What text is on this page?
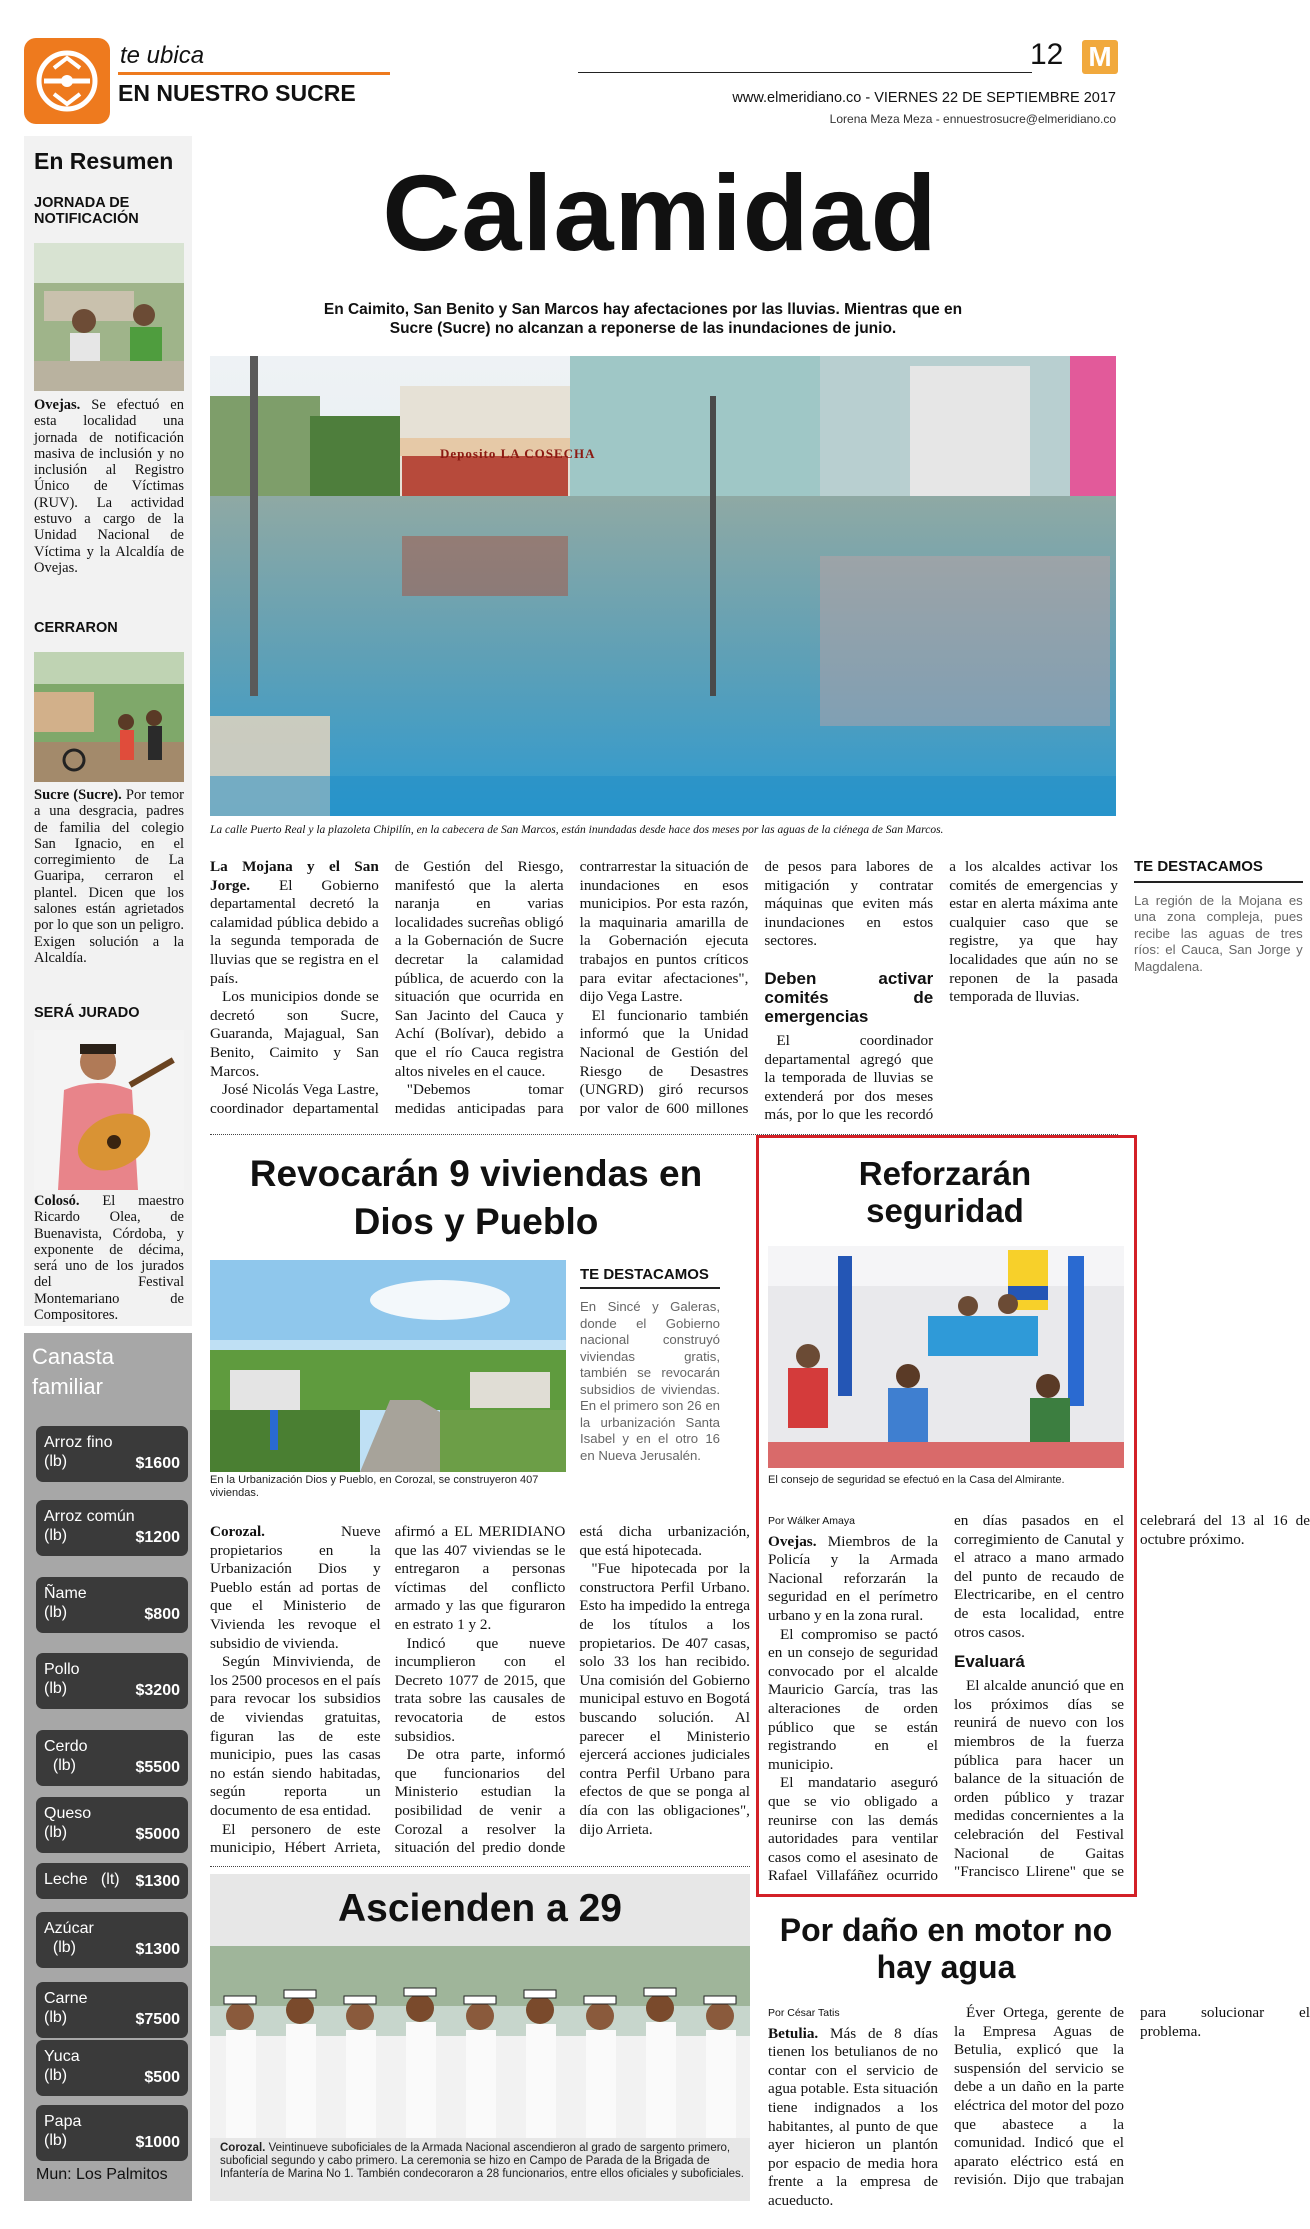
te ubica
EN NUESTRO SUCRE
12 M
www.elmeridiano.co - VIERNES 22 DE SEPTIEMBRE 2017
Lorena Meza Meza - ennuestrosucre@elmeridiano.co
En Resumen
JORNADA DE NOTIFICACIÓN
Ovejas. Se efectuó en esta localidad una jornada de notificación masiva de inclusión y no inclusión al Registro Único de Víctimas (RUV). La actividad estuvo a cargo de la Unidad Nacional de Víctima y la Alcaldía de Ovejas.
CERRARON
Sucre (Sucre). Por temor a una desgracia, padres de familia del colegio San Ignacio, en el corregimiento de La Guaripa, cerraron el plantel. Dicen que los salones están agrietados por lo que son un peligro. Exigen solución a la Alcaldía.
SERÁ JURADO
Colosó. El maestro Ricardo Olea, de Buenavista, Córdoba, y exponente de décima, será uno de los jurados del Festival Montemariano de Compositores.
Canasta familiar
Arroz fino
(lb)	$1600
Arroz común
(lb)	$1200
Ñame
(lb)	$800
Pollo
(lb)	$3200
Cerdo
(lb)	$5500
Queso
(lb)	$5000
Leche   (lt) $1300
Azúcar
(lb)	$1300
Carne
(lb)	$7500
Yuca
(lb)	$500
Papa
(lb)	$1000
Mun: Los Palmitos
Calamidad
En Caimito, San Benito y San Marcos hay afectaciones por las lluvias. Mientras que en Sucre (Sucre) no alcanzan a reponerse de las inundaciones de junio.
Deposito LA COSECHA
La calle Puerto Real y la plazoleta Chipilín, en la cabecera de San Marcos, están inundadas desde hace dos meses por las aguas de la ciénega de San Marcos.

La Mojana y el San Jorge. El Gobierno departamental decretó la calamidad pública debido a la segunda temporada de lluvias que se registra en el país.

Los municipios donde se decretó son Sucre, Guaranda, Majagual, San Benito, Caimito y San Marcos.

José Nicolás Vega Lastre, coordinador departamental de Gestión del Riesgo, manifestó que la alerta naranja en varias localidades sucreñas obligó a la Gobernación de Sucre decretar la calamidad pública, de acuerdo con la situación que ocurrida en San Jacinto del Cauca y Achí (Bolívar), debido a que el río Cauca registra altos niveles en el cauce.

"Debemos tomar medidas anticipadas para contrarrestar la situación de inundaciones en esos municipios. Por esta razón, la maquinaria amarilla de la Gobernación ejecuta trabajos en puntos críticos para evitar afectaciones", dijo Vega Lastre.

El funcionario también informó que la Unidad Nacional de Gestión del Riesgo de Desastres (UNGRD) giró recursos por valor de 600 millones de pesos para labores de mitigación y contratar máquinas que eviten más inundaciones en estos sectores.

Deben activar comités de emergencias

El coordinador departamental agregó que la temporada de lluvias se extenderá por dos meses más, por lo que les recordó a los alcaldes activar los comités de emergencias y estar en alerta máxima ante cualquier caso que se registre, ya que hay localidades que aún no se reponen de la pasada temporada de lluvias.

TE DESTACAMOS
La región de la Mojana es una zona compleja, pues recibe las aguas de tres ríos: el Cauca, San Jorge y Magdalena.
Revocarán 9 viviendas en Dios y Pueblo
En la Urbanización Dios y Pueblo, en Corozal, se construyeron 407 viviendas.
TE DESTACAMOS
En Sincé y Galeras, donde el Gobierno nacional construyó viviendas gratis, también se revocarán subsidios de viviendas. En el primero son 26 en la urbanización Santa Isabel y en el otro 16 en Nueva Jerusalén.

Corozal. Nueve propietarios en la Urbanización Dios y Pueblo están ad portas de que el Ministerio de Vivienda les revoque el subsidio de vivienda.

Según Minvivienda, de los 2500 procesos en el país para revocar los subsidios de viviendas gratuitas, figuran las de este municipio, pues las casas no están siendo habitadas, según reporta un documento de esa entidad.

El personero de este municipio, Hébert Arrieta, afirmó a EL MERIDIANO que las 407 viviendas se le entregaron a personas víctimas del conflicto armado y las que figuraron en estrato 1 y 2.

Indicó que nueve incumplieron con el Decreto 1077 de 2015, que trata sobre las causales de revocatoria de estos subsidios.

De otra parte, informó que funcionarios del Ministerio estudian la posibilidad de venir a Corozal a resolver la situación del predio donde está dicha urbanización, que está hipotecada.

"Fue hipotecada por la constructora Perfil Urbano. Esto ha impedido la entrega de los títulos a los propietarios. De 407 casas, solo 33 los han recibido. Una comisión del Gobierno municipal estuvo en Bogotá buscando solución. Al parecer el Ministerio ejercerá acciones judiciales contra Perfil Urbano para efectos de que se ponga al día con las obligaciones", dijo Arrieta.

Reforzarán seguridad
El consejo de seguridad se efectuó en la Casa del Almirante.
Por Wálker Amaya

Ovejas. Miembros de la Policía y la Armada Nacional reforzarán la seguridad en el perímetro urbano y en la zona rural.

El compromiso se pactó en un consejo de seguridad convocado por el alcalde Mauricio García, tras las alteraciones de orden público que se están registrando en el municipio.

El mandatario aseguró que se vio obligado a reunirse con las demás autoridades para ventilar casos como el asesinato de Rafael Villafáñez ocurrido en días pasados en el corregimiento de Canutal y el atraco a mano armado del punto de recaudo de Electricaribe, en el centro de esta localidad, entre otros casos.

Evaluará

El alcalde anunció que en los próximos días se reunirá de nuevo con los miembros de la fuerza pública para hacer un balance de la situación de orden público y trazar medidas concernientes a la celebración del Festival Nacional de Gaitas "Francisco Llirene" que se celebrará del 13 al 16 de octubre próximo.

Ascienden a 29
Corozal. Veintinueve suboficiales de la Armada Nacional ascendieron al grado de sargento primero, suboficial segundo y cabo primero. La ceremonia se hizo en Campo de Parada de la Brigada de Infantería de Marina No 1. También condecoraron a 28 funcionarios, entre ellos oficiales y suboficiales.
Por daño en motor no hay agua
Por César Tatis

Betulia. Más de 8 días tienen los betulianos de no contar con el servicio de agua potable. Esta situación tiene indignados a los habitantes, al punto de que ayer hicieron un plantón por espacio de media hora frente a la empresa de acueducto.

Éver Ortega, gerente de la Empresa Aguas de Betulia, explicó que la suspensión del servicio se debe a un daño en la parte eléctrica del motor del pozo que abastece a la comunidad. Indicó que el aparato eléctrico está en revisión. Dijo que trabajan para solucionar el problema.
